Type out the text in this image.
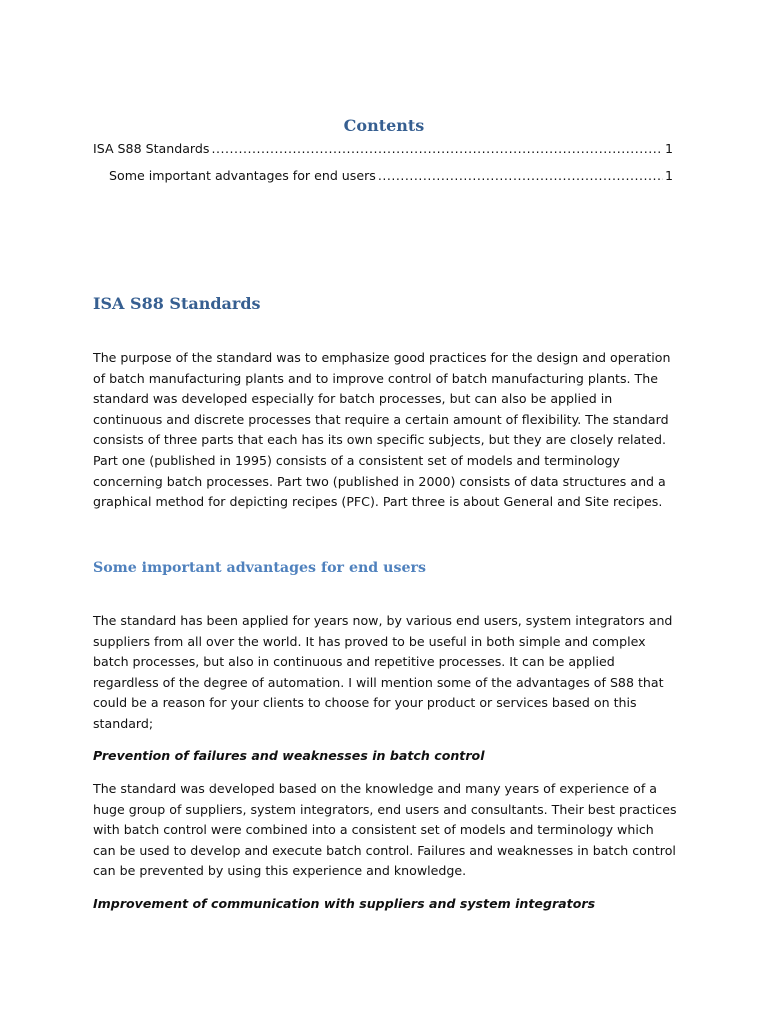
Contents
ISA S88 Standards .....	1
Some important advantages for end users .....	1
ISA S88 Standards

The purpose of the standard was to emphasize good practices for the design and operation of batch manufacturing plants and to improve control of batch manufacturing plants. The standard was developed especially for batch processes, but can also be applied in continuous and discrete processes that require a certain amount of flexibility. The standard consists of three parts that each has its own specific subjects, but they are closely related. Part one (published in 1995) consists of a consistent set of models and terminology concerning batch processes. Part two (published in 2000) consists of data structures and a graphical method for depicting recipes (PFC). Part three is about General and Site recipes.

Some important advantages for end users

The standard has been applied for years now, by various end users, system integrators and suppliers from all over the world. It has proved to be useful in both simple and complex batch processes, but also in continuous and repetitive processes. It can be applied regardless of the degree of automation. I will mention some of the advantages of S88 that could be a reason for your clients to choose for your product or services based on this standard;

Prevention of failures and weaknesses in batch control

The standard was developed based on the knowledge and many years of experience of a huge group of suppliers, system integrators, end users and consultants. Their best practices with batch control were combined into a consistent set of models and terminology which can be used to develop and execute batch control. Failures and weaknesses in batch control can be prevented by using this experience and knowledge.

Improvement of communication with suppliers and system integrators
